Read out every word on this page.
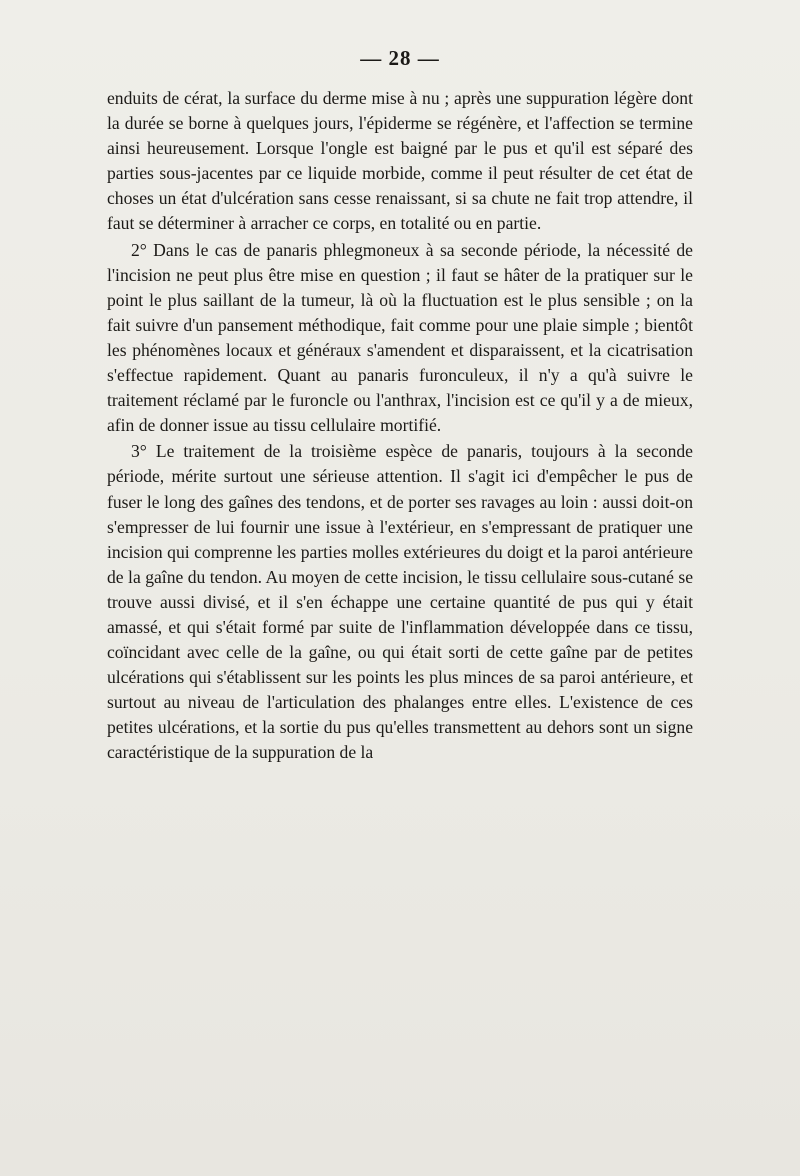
— 28 —

enduits de cérat, la surface du derme mise à nu ; après une suppuration légère dont la durée se borne à quelques jours, l'épiderme se régénère, et l'affection se termine ainsi heureusement. Lorsque l'ongle est baigné par le pus et qu'il est séparé des parties sous-jacentes par ce liquide morbide, comme il peut résulter de cet état de choses un état d'ulcération sans cesse renaissant, si sa chute ne fait trop attendre, il faut se déterminer à arracher ce corps, en totalité ou en partie.

2° Dans le cas de panaris phlegmoneux à sa seconde période, la nécessité de l'incision ne peut plus être mise en question ; il faut se hâter de la pratiquer sur le point le plus saillant de la tumeur, là où la fluctuation est le plus sensible ; on la fait suivre d'un pansement méthodique, fait comme pour une plaie simple ; bientôt les phénomènes locaux et généraux s'amendent et disparaissent, et la cicatrisation s'effectue rapidement. Quant au panaris furonculeux, il n'y a qu'à suivre le traitement réclamé par le furoncle ou l'anthrax, l'incision est ce qu'il y a de mieux, afin de donner issue au tissu cellulaire mortifié.

3° Le traitement de la troisième espèce de panaris, toujours à la seconde période, mérite surtout une sérieuse attention. Il s'agit ici d'empêcher le pus de fuser le long des gaînes des tendons, et de porter ses ravages au loin : aussi doit-on s'empresser de lui fournir une issue à l'extérieur, en s'empressant de pratiquer une incision qui comprenne les parties molles extérieures du doigt et la paroi antérieure de la gaîne du tendon. Au moyen de cette incision, le tissu cellulaire sous-cutané se trouve aussi divisé, et il s'en échappe une certaine quantité de pus qui y était amassé, et qui s'était formé par suite de l'inflammation développée dans ce tissu, coïncidant avec celle de la gaîne, ou qui était sorti de cette gaîne par de petites ulcérations qui s'établissent sur les points les plus minces de sa paroi antérieure, et surtout au niveau de l'articulation des phalanges entre elles. L'existence de ces petites ulcérations, et la sortie du pus qu'elles transmettent au dehors sont un signe caractéristique de la suppuration de la
